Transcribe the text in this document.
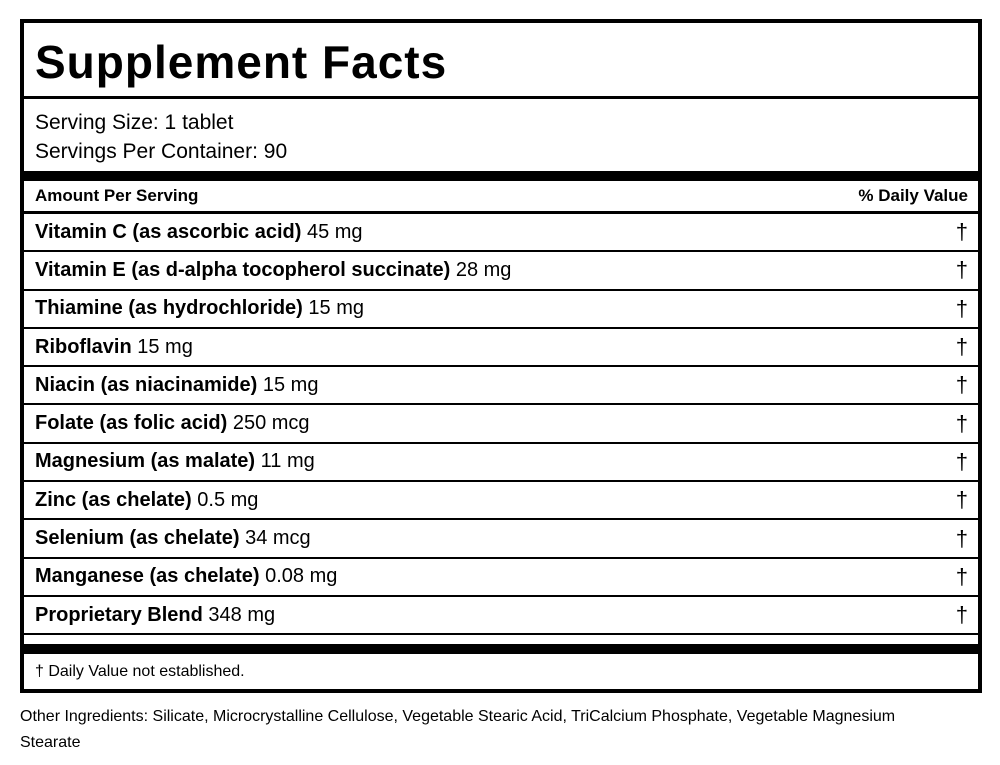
Supplement Facts
Serving Size: 1 tablet
Servings Per Container: 90
Amount Per Serving	% Daily Value
Vitamin C (as ascorbic acid) 45 mg	†
Vitamin E (as d-alpha tocopherol succinate) 28 mg	†
Thiamine (as hydrochloride) 15 mg	†
Riboflavin 15 mg	†
Niacin (as niacinamide) 15 mg	†
Folate (as folic acid) 250 mcg	†
Magnesium (as malate) 11 mg	†
Zinc (as chelate) 0.5 mg	†
Selenium (as chelate) 34 mcg	†
Manganese (as chelate) 0.08 mg	†
Proprietary Blend 348 mg	†
† Daily Value not established.
Other Ingredients: Silicate, Microcrystalline Cellulose, Vegetable Stearic Acid, TriCalcium Phosphate, Vegetable Magnesium Stearate
